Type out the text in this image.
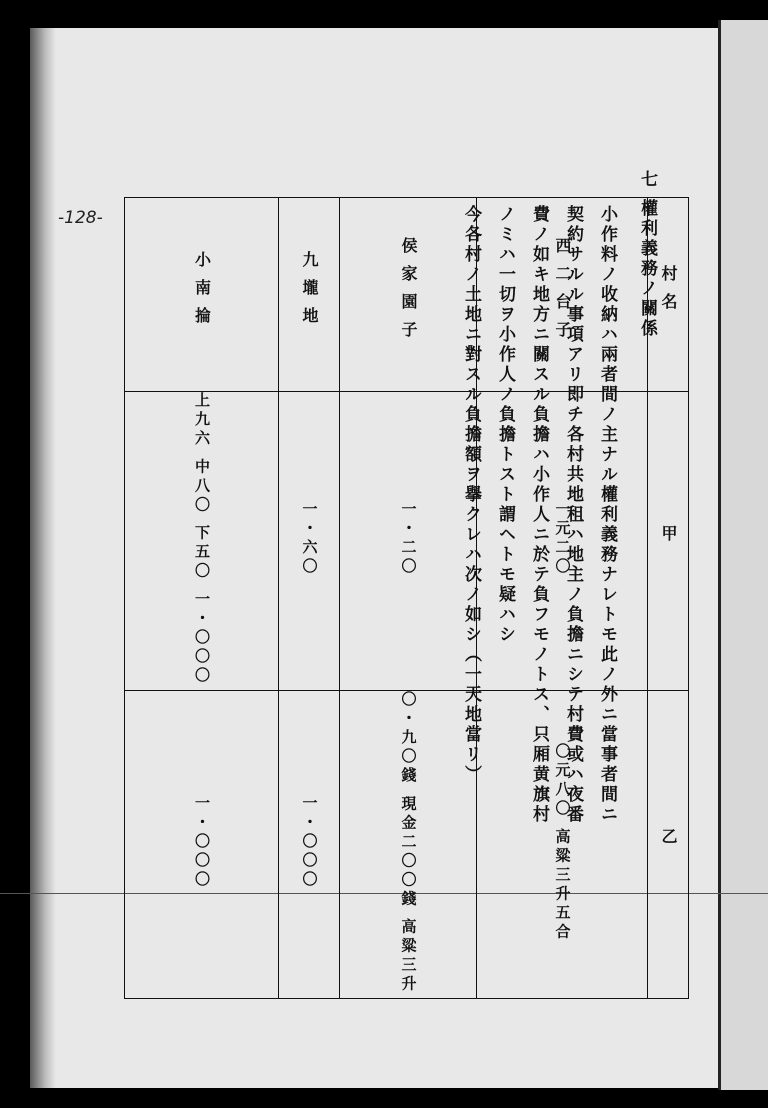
-128-	七 權利義務ノ關係
小作料ノ收納ハ兩者間ノ主ナル權利義務ナレトモ此ノ外ニ當事者間ニ
契約サルル事項アリ即チ各村共地租ハ地主ノ負擔ニシテ村費或ハ夜番
費ノ如キ地方ニ關スル負擔ハ小作人ニ於テ負フモノトス、只厢黄旗村
ノミハ一切ヲ小作人ノ負擔トスト謂ヘトモ疑ハシ
今各村ノ土地ニ對スル負擔額ヲ擧クレハ次ノ如シ（一天地當リ）
小南掄	九壠地	侯家園子	西二台子	村名
上九六 中八〇 下五〇 一・〇〇〇	一・六〇	一・二〇	一元二〇	甲
一・〇〇〇	一・〇〇〇	〇・九〇錢 現金二〇〇錢 高粱三升	〇元八〇 高粱三升五合	乙
